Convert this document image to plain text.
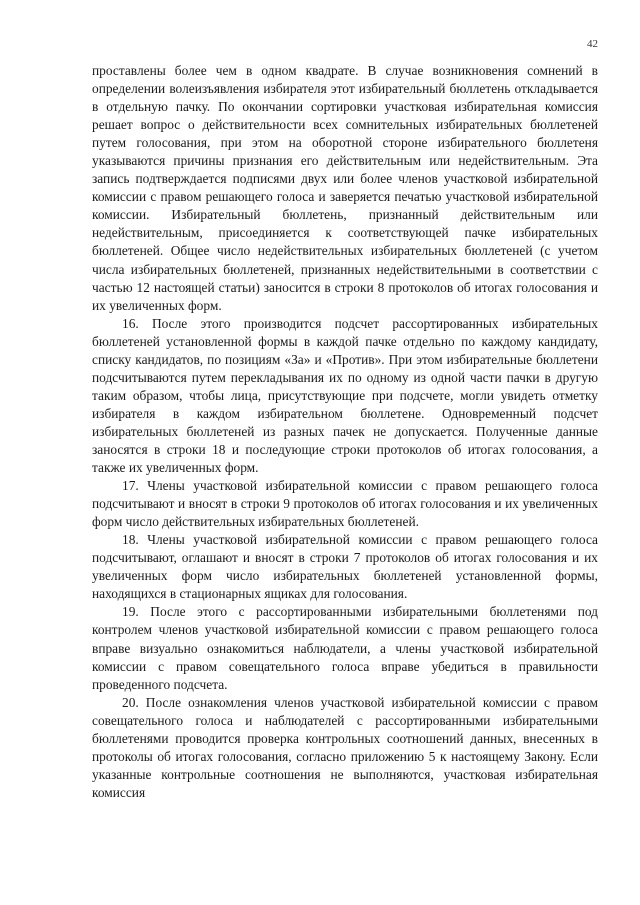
42

проставлены более чем в одном квадрате. В случае возникновения сомнений в определении волеизъявления избирателя этот избирательный бюллетень откладывается в отдельную пачку. По окончании сортировки участковая избирательная комиссия решает вопрос о действительности всех сомнительных избирательных бюллетеней путем голосования, при этом на оборотной стороне избирательного бюллетеня указываются причины признания его действительным или недействительным. Эта запись подтверждается подписями двух или более членов участковой избирательной комиссии с правом решающего голоса и заверяется печатью участковой избирательной комиссии. Избирательный бюллетень, признанный действительным или недействительным, присоединяется к соответствующей пачке избирательных бюллетеней. Общее число недействительных избирательных бюллетеней (с учетом числа избирательных бюллетеней, признанных недействительными в соответствии с частью 12 настоящей статьи) заносится в строки 8 протоколов об итогах голосования и их увеличенных форм.

16. После этого производится подсчет рассортированных избирательных бюллетеней установленной формы в каждой пачке отдельно по каждому кандидату, списку кандидатов, по позициям «За» и «Против». При этом избирательные бюллетени подсчитываются путем перекладывания их по одному из одной части пачки в другую таким образом, чтобы лица, присутствующие при подсчете, могли увидеть отметку избирателя в каждом избирательном бюллетене. Одновременный подсчет избирательных бюллетеней из разных пачек не допускается. Полученные данные заносятся в строки 18 и последующие строки протоколов об итогах голосования, а также их увеличенных форм.

17. Члены участковой избирательной комиссии с правом решающего голоса подсчитывают и вносят в строки 9 протоколов об итогах голосования и их увеличенных форм число действительных избирательных бюллетеней.

18. Члены участковой избирательной комиссии с правом решающего голоса подсчитывают, оглашают и вносят в строки 7 протоколов об итогах голосования и их увеличенных форм число избирательных бюллетеней установленной формы, находящихся в стационарных ящиках для голосования.

19. После этого с рассортированными избирательными бюллетенями под контролем членов участковой избирательной комиссии с правом решающего голоса вправе визуально ознакомиться наблюдатели, а члены участковой избирательной комиссии с правом совещательного голоса вправе убедиться в правильности проведенного подсчета.

20. После ознакомления членов участковой избирательной комиссии с правом совещательного голоса и наблюдателей с рассортированными избирательными бюллетенями проводится проверка контрольных соотношений данных, внесенных в протоколы об итогах голосования, согласно приложению 5 к настоящему Закону. Если указанные контрольные соотношения не выполняются, участковая избирательная комиссия
